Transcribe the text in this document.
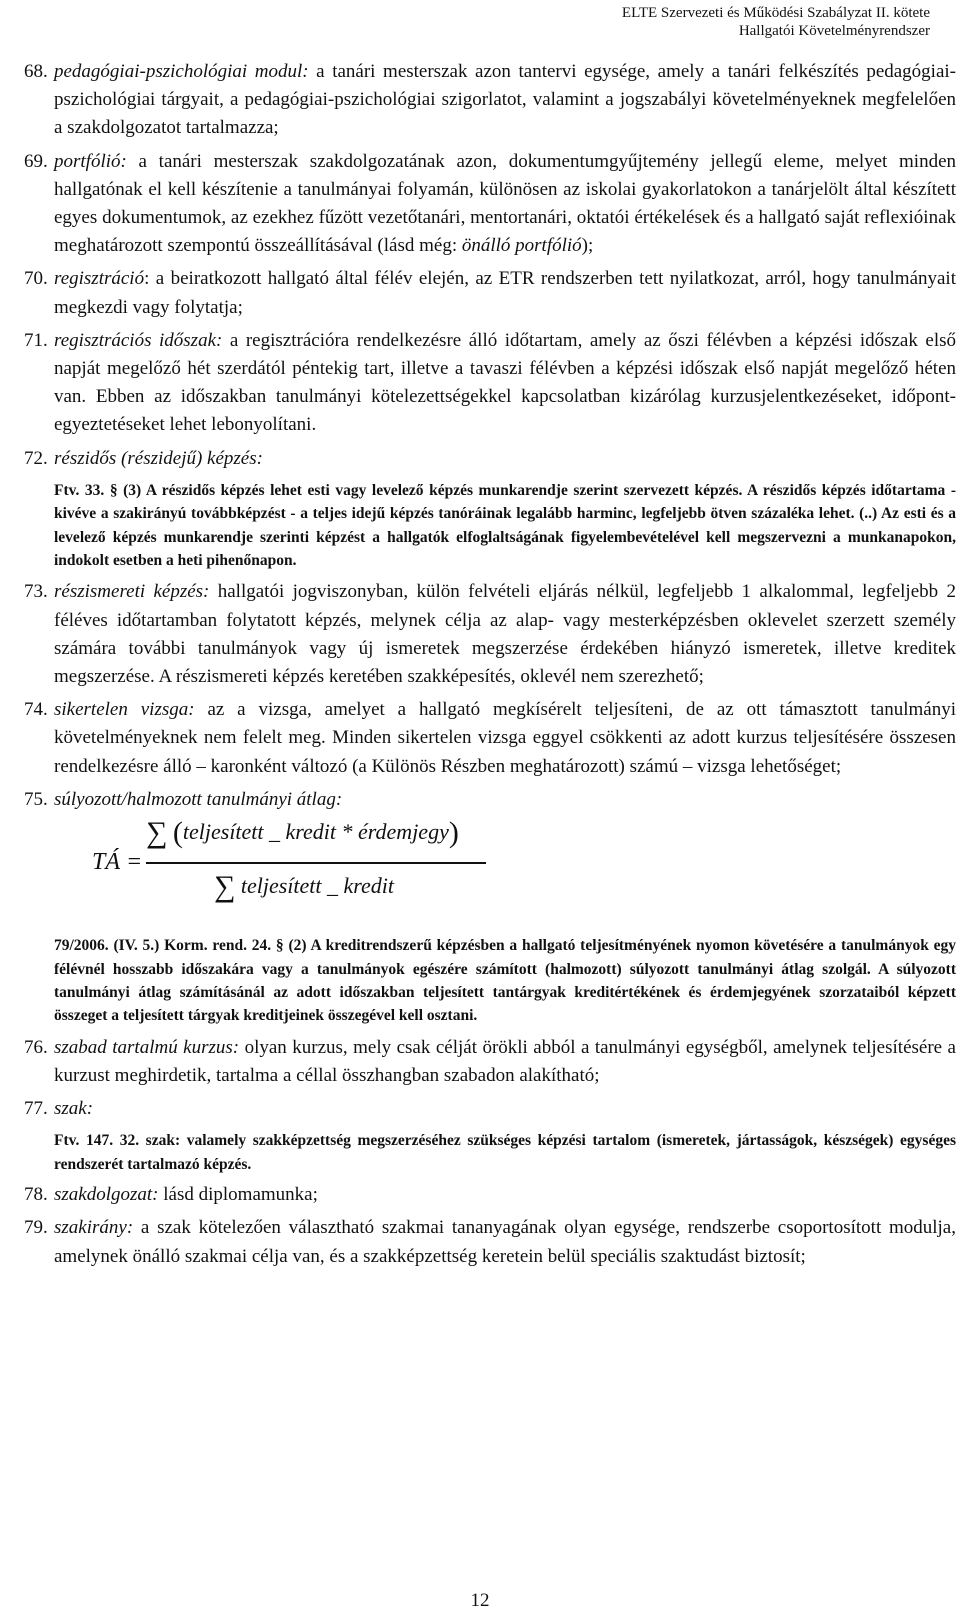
ELTE Szervezeti és Működési Szabályzat II. kötete
Hallgatói Követelményrendszer
68. pedagógiai-pszichológiai modul: a tanári mesterszak azon tantervi egysége, amely a tanári felkészítés pedagógiai-pszichológiai tárgyait, a pedagógiai-pszichológiai szigorlatot, valamint a jogszabályi követelményeknek megfelelően a szakdolgozatot tartalmazza;

69. portfólió: a tanári mesterszak szakdolgozatának azon, dokumentumgyűjtemény jellegű eleme, melyet minden hallgatónak el kell készítenie a tanulmányai folyamán, különösen az iskolai gyakorlatokon a tanárjelölt által készített egyes dokumentumok, az ezekhez fűzött vezetőtanári, mentortanári, oktatói értékelések és a hallgató saját reflexióinak meghatározott szempontú összeállításával (lásd még: önálló portfólió);

70. regisztráció: a beiratkozott hallgató által félév elején, az ETR rendszerben tett nyilatkozat, arról, hogy tanulmányait megkezdi vagy folytatja;

71. regisztrációs időszak: a regisztrációra rendelkezésre álló időtartam, amely az őszi félévben a képzési időszak első napját megelőző hét szerdától péntekig tart, illetve a tavaszi félévben a képzési időszak első napját megelőző héten van. Ebben az időszakban tanulmányi kötelezettségekkel kapcsolatban kizárólag kurzusjelentkezéseket, időpont-egyeztetéseket lehet lebonyolítani.

72. részidős (részidejű) képzés:

Ftv. 33. § (3) A részidős képzés lehet esti vagy levelező képzés munkarendje szerint szervezett képzés. A részidős képzés időtartama - kivéve a szakirányú továbbképzést - a teljes idejű képzés tanóráinak legalább harminc, legfeljebb ötven százaléka lehet. (..) Az esti és a levelező képzés munkarendje szerinti képzést a hallgatók elfoglaltságának figyelembevételével kell megszervezni a munkanapokon, indokolt esetben a heti pihenőnapon.

73. részismereti képzés: hallgatói jogviszonyban, külön felvételi eljárás nélkül, legfeljebb 1 alkalommal, legfeljebb 2 féléves időtartamban folytatott képzés, melynek célja az alap- vagy mesterképzésben oklevelet szerzett személy számára további tanulmányok vagy új ismeretek megszerzése érdekében hiányzó ismeretek, illetve kreditek megszerzése. A részismereti képzés keretében szakképesítés, oklevél nem szerezhető;

74. sikertelen vizsga: az a vizsga, amelyet a hallgató megkísérelt teljesíteni, de az ott támasztott tanulmányi követelményeknek nem felelt meg. Minden sikertelen vizsga eggyel csökkenti az adott kurzus teljesítésére összesen rendelkezésre álló – karonként változó (a Különös Részben meghatározott) számú – vizsga lehetőséget;

75. súlyozott/halmozott tanulmányi átlag:

TÁ =
∑ (teljesített _ kredit * érdemjegy)
∑ teljesített _ kredit

79/2006. (IV. 5.) Korm. rend. 24. § (2) A kreditrendszerű képzésben a hallgató teljesítményének nyomon követésére a tanulmányok egy félévnél hosszabb időszakára vagy a tanulmányok egészére számított (halmozott) súlyozott tanulmányi átlag szolgál. A súlyozott tanulmányi átlag számításánál az adott időszakban teljesített tantárgyak kreditértékének és érdemjegyének szorzataiból képzett összeget a teljesített tárgyak kreditjeinek összegével kell osztani.

76. szabad tartalmú kurzus: olyan kurzus, mely csak célját örökli abból a tanulmányi egységből, amelynek teljesítésére a kurzust meghirdetik, tartalma a céllal összhangban szabadon alakítható;

77. szak:

Ftv. 147. 32. szak: valamely szakképzettség megszerzéséhez szükséges képzési tartalom (ismeretek, jártasságok, készségek) egységes rendszerét tartalmazó képzés.

78. szakdolgozat: lásd diplomamunka;

79. szakirány: a szak kötelezően választható szakmai tananyagának olyan egysége, rendszerbe csoportosított modulja, amelynek önálló szakmai célja van, és a szakképzettség keretein belül speciális szaktudást biztosít;

12
